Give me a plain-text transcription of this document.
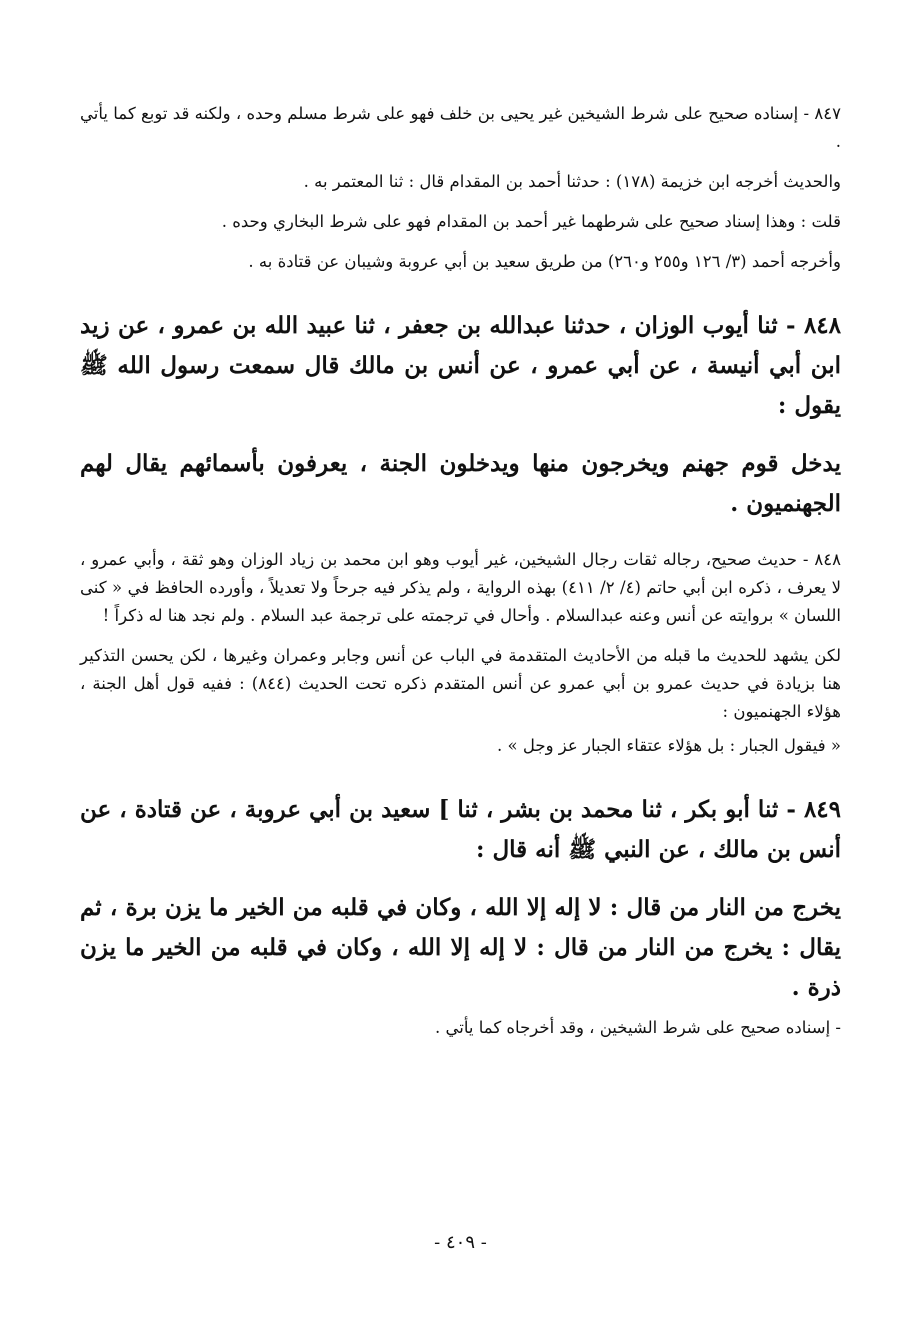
٨٤٧ - إسناده صحيح على شرط الشيخين غير يحيى بن خلف فهو على شرط مسلم وحده ، ولكنه قد توبع كما يأتي .

والحديث أخرجه ابن خزيمة (١٧٨) : حدثنا أحمد بن المقدام قال : ثنا المعتمر به .

قلت : وهذا إسناد صحيح على شرطهما غير أحمد بن المقدام فهو على شرط البخاري وحده .

وأخرجه أحمد (٣/ ١٢٦ و٢٥٥ و٢٦٠) من طريق سعيد بن أبي عروبة وشيبان عن قتادة به .

٨٤٨ - ثنا أيوب الوزان ، حدثنا عبدالله بن جعفر ، ثنا عبيد الله بن عمرو ، عن زيد ابن أبي أنيسة ، عن أبي عمرو ، عن أنس بن مالك قال سمعت رسول الله ﷺ يقول :

يدخل قوم جهنم ويخرجون منها ويدخلون الجنة ، يعرفون بأسمائهم يقال لهم الجهنميون .

٨٤٨ - حديث صحيح، رجاله ثقات رجال الشيخين، غير أيوب وهو ابن محمد بن زياد الوزان وهو ثقة ، وأبي عمرو ، لا يعرف ، ذكره ابن أبي حاتم (٤/ ٢/ ٤١١) بهذه الرواية ، ولم يذكر فيه جرحاً ولا تعديلاً ، وأورده الحافظ في « كنى اللسان » بروايته عن أنس وعنه عبدالسلام . وأحال في ترجمته على ترجمة عبد السلام . ولم نجد هنا له ذكراً !

لكن يشهد للحديث ما قبله من الأحاديث المتقدمة في الباب عن أنس وجابر وعمران وغيرها ، لكن يحسن التذكير هنا بزيادة في حديث عمرو بن أبي عمرو عن أنس المتقدم ذكره تحت الحديث (٨٤٤) : ففيه قول أهل الجنة ، هؤلاء الجهنميون :

« فيقول الجبار : بل هؤلاء عتقاء الجبار عز وجل » .

٨٤٩ - ثنا أبو بكر ، ثنا محمد بن بشر ، ثنا ] سعيد بن أبي عروبة ، عن قتادة ، عن أنس بن مالك ، عن النبي ﷺ أنه قال :

يخرج من النار من قال : لا إله إلا الله ، وكان في قلبه من الخير ما يزن برة ، ثم يقال : يخرج من النار من قال : لا إله إلا الله ، وكان في قلبه من الخير ما يزن ذرة .

- إسناده صحيح على شرط الشيخين ، وقد أخرجاه كما يأتي .

- ٤٠٩ -
